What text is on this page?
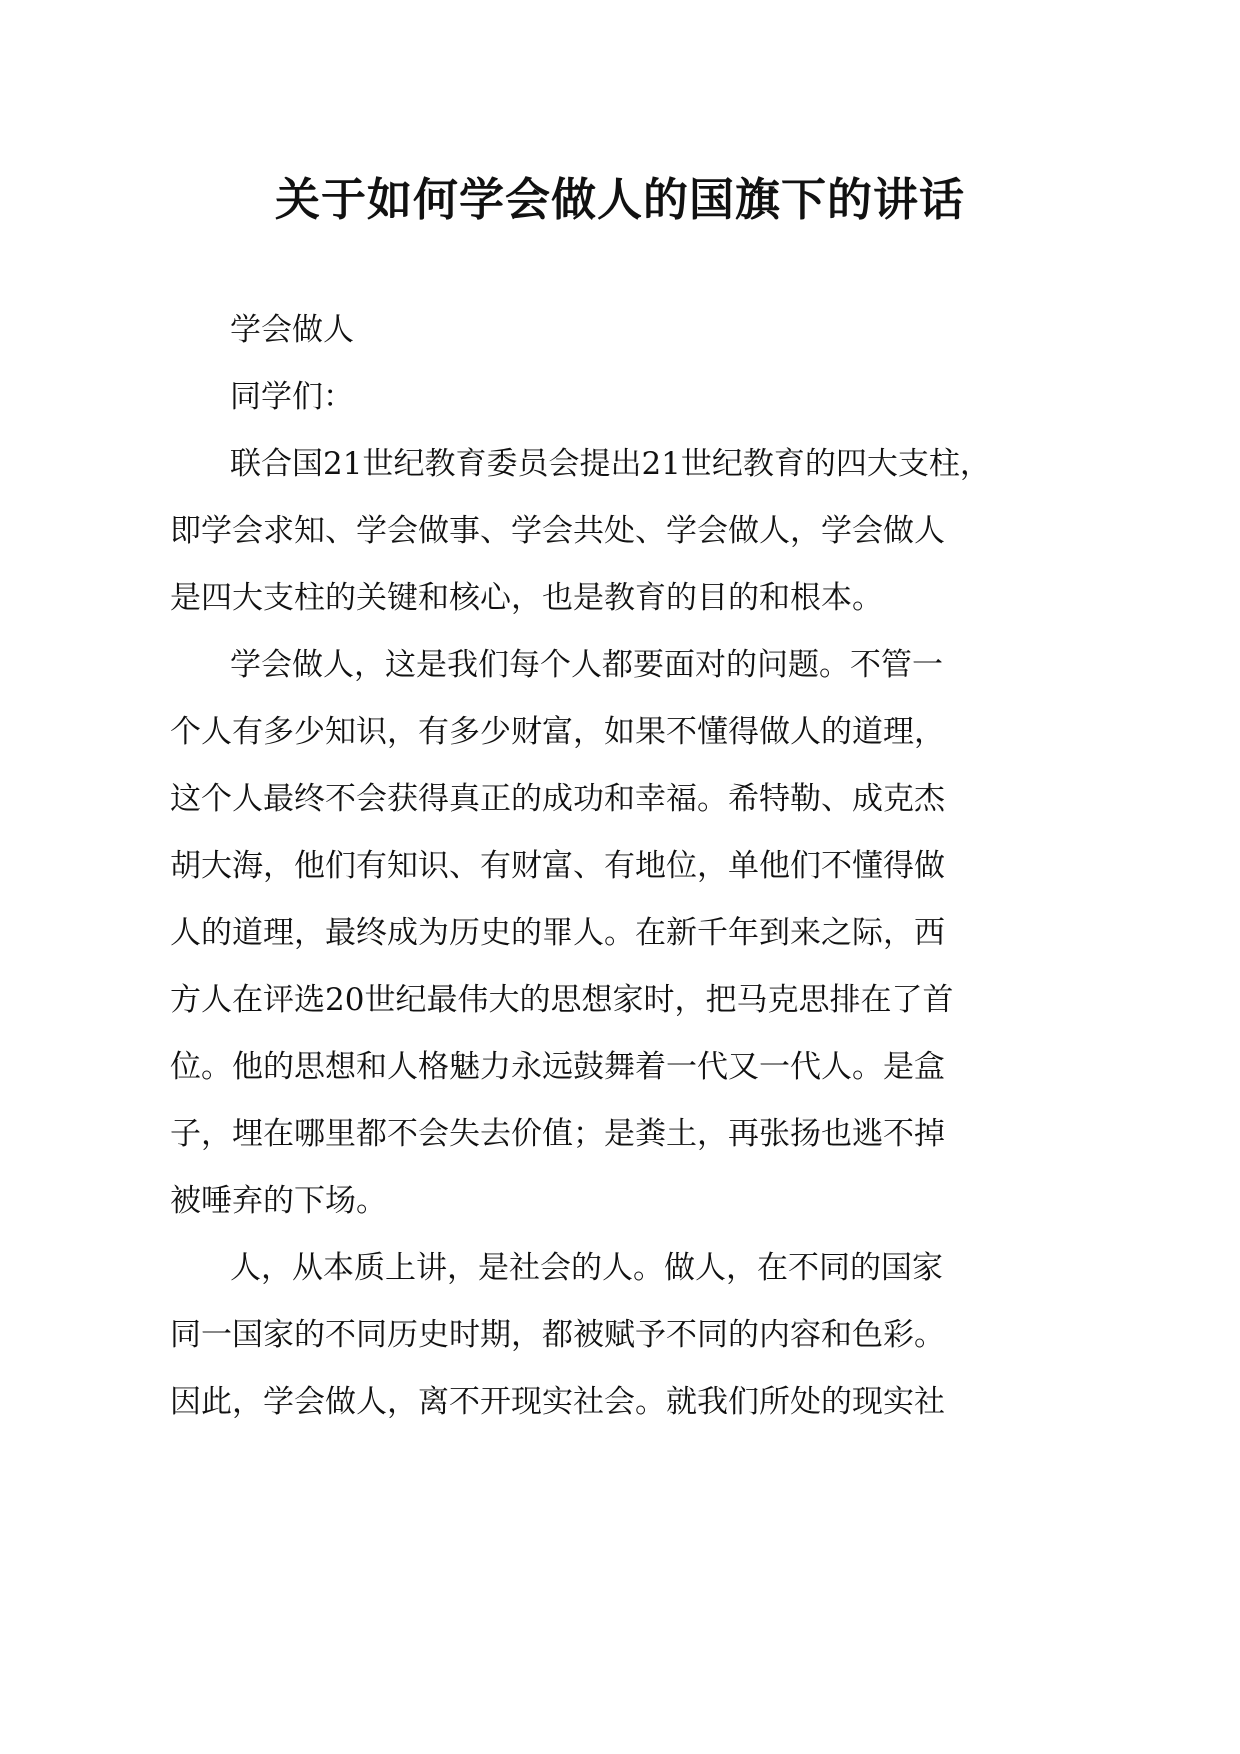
关于如何学会做人的国旗下的讲话

学会做人

同学们：

联合国21世纪教育委员会提出21世纪教育的四大支柱，

即学会求知、学会做事、学会共处、学会做人，学会做人

是四大支柱的关键和核心，也是教育的目的和根本。

学会做人，这是我们每个人都要面对的问题。不管一

个人有多少知识，有多少财富，如果不懂得做人的道理，

这个人最终不会获得真正的成功和幸福。希特勒、成克杰

胡大海，他们有知识、有财富、有地位，单他们不懂得做

人的道理，最终成为历史的罪人。在新千年到来之际，西

方人在评选20世纪最伟大的思想家时，把马克思排在了首

位。他的思想和人格魅力永远鼓舞着一代又一代人。是盒

子，埋在哪里都不会失去价值；是粪土，再张扬也逃不掉

被唾弃的下场。

人，从本质上讲，是社会的人。做人，在不同的国家

同一国家的不同历史时期，都被赋予不同的内容和色彩。

因此，学会做人，离不开现实社会。就我们所处的现实社
